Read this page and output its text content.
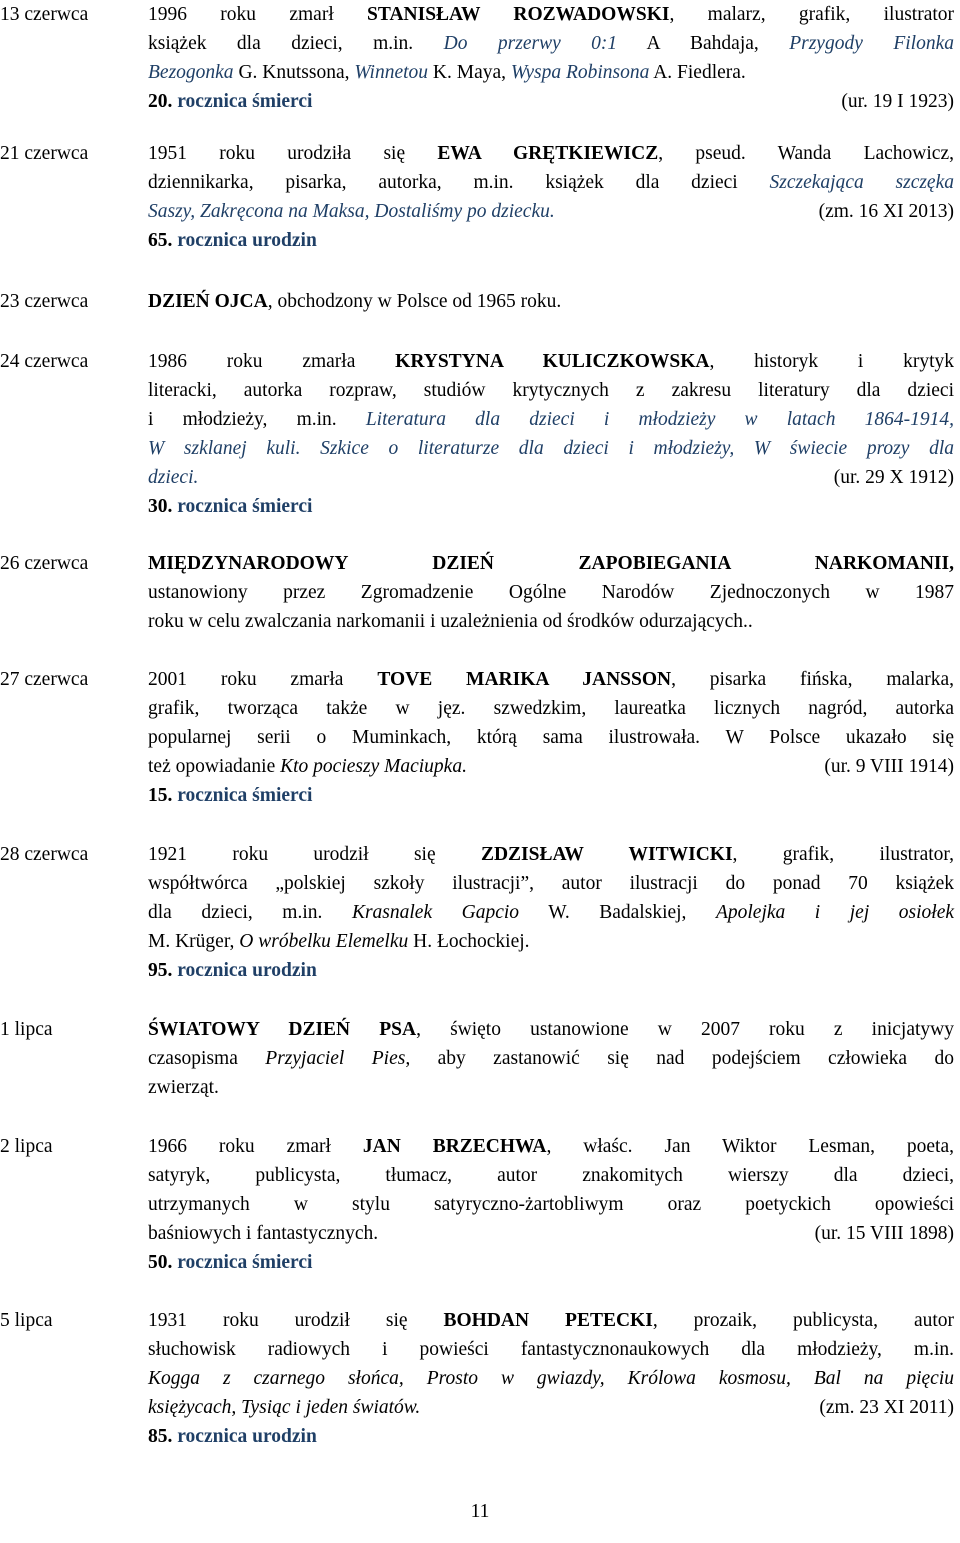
13 czerwca	1996 roku zmarł STANISŁAW ROZWADOWSKI, malarz, grafik, ilustrator
książek dla dzieci, m.in. Do przerwy 0:1 A Bahdaja, Przygody Filonka
Bezogonka G. Knutssona, Winnetou K. Maya, Wyspa Robinsona A. Fiedlera.
20. rocznica śmierci	(ur. 19 I 1923)
21 czerwca	1951 roku urodziła się EWA GRĘTKIEWICZ, pseud. Wanda Lachowicz,
dziennikarka, pisarka, autorka, m.in. książek dla dzieci Szczekająca szczęka
Saszy, Zakręcona na Maksa, Dostaliśmy po dziecku.	(zm. 16 XI 2013)
65. rocznica urodzin
23 czerwca	DZIEŃ OJCA, obchodzony w Polsce od 1965 roku.
24 czerwca	1986 roku zmarła KRYSTYNA KULICZKOWSKA, historyk i krytyk
literacki, autorka rozpraw, studiów krytycznych z zakresu literatury dla dzieci
i młodzieży, m.in. Literatura dla dzieci i młodzieży w latach 1864-1914,
W szklanej kuli. Szkice o literaturze dla dzieci i młodzieży, W świecie prozy dla
dzieci.	(ur. 29 X 1912)
30. rocznica śmierci
26 czerwca	MIĘDZYNARODOWY DZIEŃ ZAPOBIEGANIA NARKOMANII,
ustanowiony przez Zgromadzenie Ogólne Narodów Zjednoczonych w 1987
roku w celu zwalczania narkomanii i uzależnienia od środków odurzających..
27 czerwca	2001 roku zmarła TOVE MARIKA JANSSON, pisarka fińska, malarka,
grafik, tworząca także w jęz. szwedzkim, laureatka licznych nagród, autorka
popularnej serii o Muminkach, którą sama ilustrowała. W Polsce ukazało się
też opowiadanie Kto pocieszy Maciupka.	(ur. 9 VIII 1914)
15. rocznica śmierci
28 czerwca	1921 roku urodził się ZDZISŁAW WITWICKI, grafik, ilustrator,
współtwórca „polskiej szkoły ilustracji”, autor ilustracji do ponad 70 książek
dla dzieci, m.in. Krasnalek Gapcio W. Badalskiej, Apolejka i jej osiołek
M. Krüger, O wróbelku Elemelku H. Łochockiej.
95. rocznica urodzin
1 lipca	ŚWIATOWY DZIEŃ PSA, święto ustanowione w 2007 roku z inicjatywy
czasopisma Przyjaciel Pies, aby zastanowić się nad podejściem człowieka do
zwierząt.
2 lipca	1966 roku zmarł JAN BRZECHWA, właśc. Jan Wiktor Lesman, poeta,
satyryk, publicysta, tłumacz, autor znakomitych wierszy dla dzieci,
utrzymanych w stylu satyryczno-żartobliwym oraz poetyckich opowieści
baśniowych i fantastycznych.	(ur. 15 VIII 1898)
50. rocznica śmierci
5 lipca	1931 roku urodził się BOHDAN PETECKI, prozaik, publicysta, autor
słuchowisk radiowych i powieści fantastycznonaukowych dla młodzieży, m.in.
Kogga z czarnego słońca, Prosto w gwiazdy, Królowa kosmosu, Bal na pięciu
księżycach, Tysiąc i jeden światów.	(zm. 23 XI 2011)
85. rocznica urodzin
11
